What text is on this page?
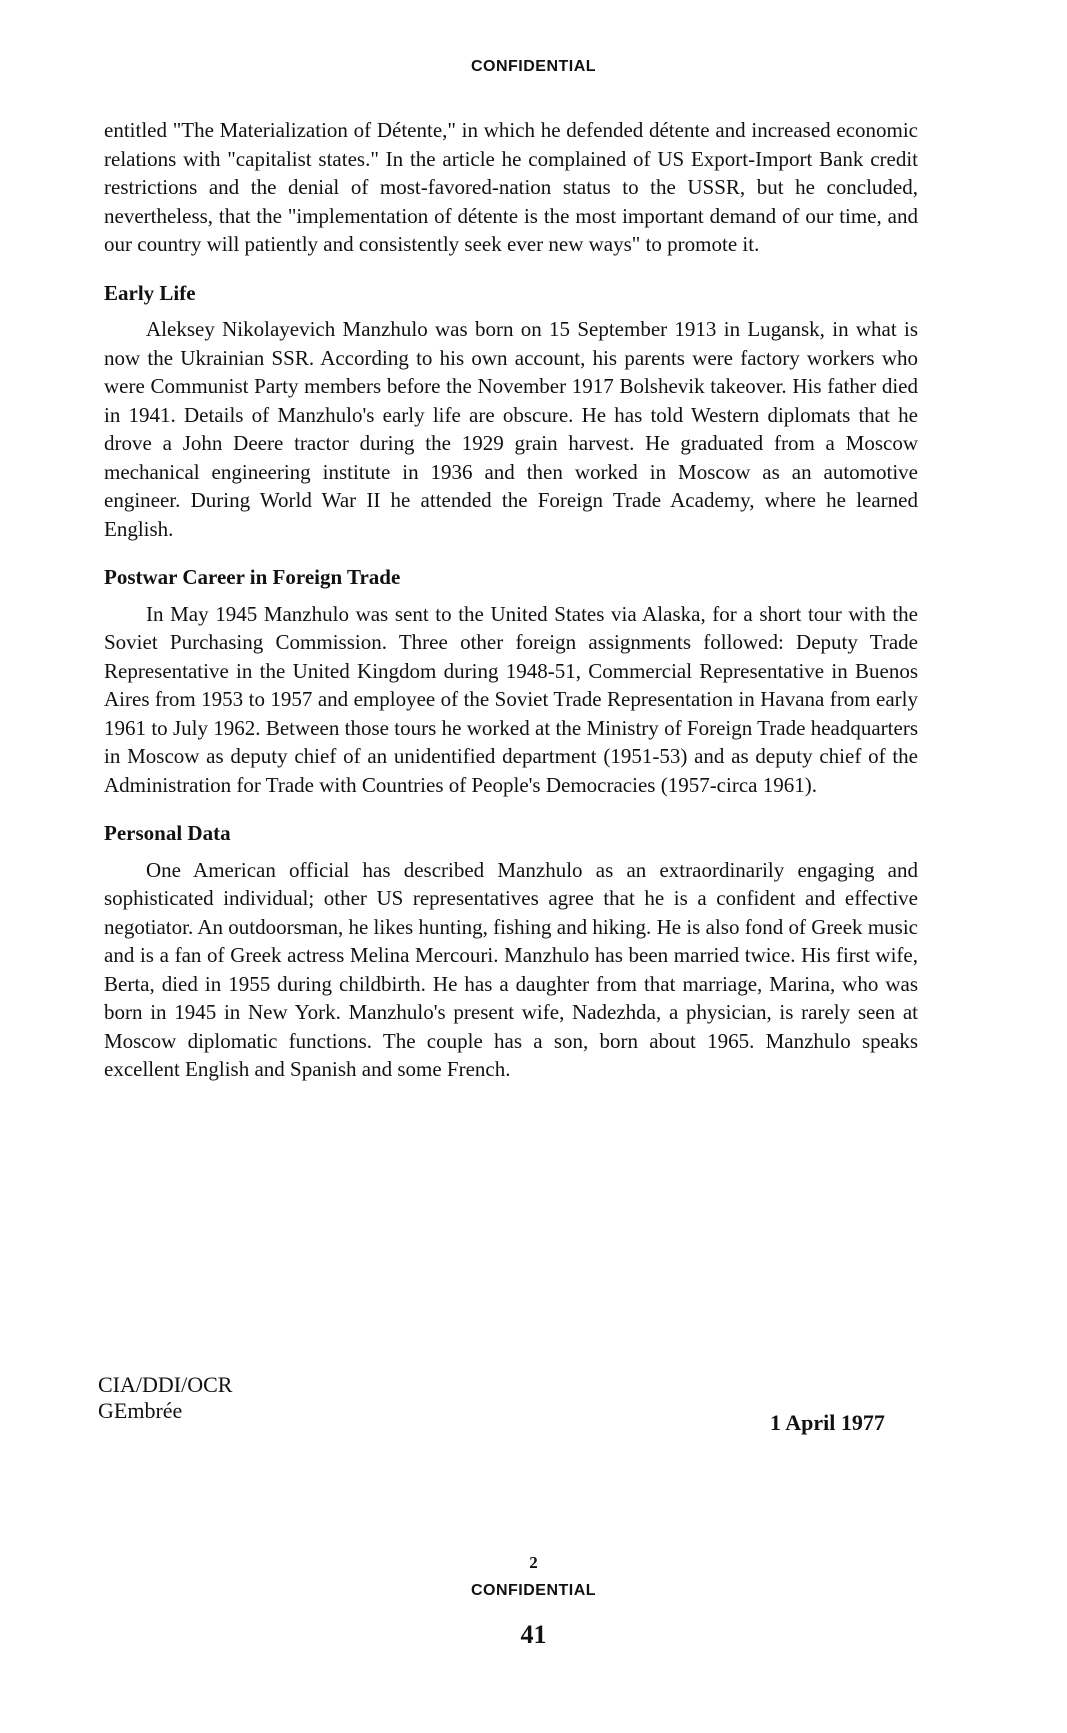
CONFIDENTIAL

entitled "The Materialization of Détente," in which he defended détente and increased economic relations with "capitalist states." In the article he complained of US Export-Import Bank credit restrictions and the denial of most-favored-nation status to the USSR, but he concluded, nevertheless, that the "implementation of détente is the most important demand of our time, and our country will patiently and consistently seek ever new ways" to promote it.

Early Life

Aleksey Nikolayevich Manzhulo was born on 15 September 1913 in Lugansk, in what is now the Ukrainian SSR. According to his own account, his parents were factory workers who were Communist Party members before the November 1917 Bolshevik takeover. His father died in 1941. Details of Manzhulo's early life are obscure. He has told Western diplomats that he drove a John Deere tractor during the 1929 grain harvest. He graduated from a Moscow mechanical engineering institute in 1936 and then worked in Moscow as an automotive engineer. During World War II he attended the Foreign Trade Academy, where he learned English.

Postwar Career in Foreign Trade

In May 1945 Manzhulo was sent to the United States via Alaska, for a short tour with the Soviet Purchasing Commission. Three other foreign assignments followed: Deputy Trade Representative in the United Kingdom during 1948-51, Commercial Representative in Buenos Aires from 1953 to 1957 and employee of the Soviet Trade Representation in Havana from early 1961 to July 1962. Between those tours he worked at the Ministry of Foreign Trade headquarters in Moscow as deputy chief of an unidentified department (1951-53) and as deputy chief of the Administration for Trade with Countries of People's Democracies (1957-circa 1961).

Personal Data

One American official has described Manzhulo as an extraordinarily engaging and sophisticated individual; other US representatives agree that he is a confident and effective negotiator. An outdoorsman, he likes hunting, fishing and hiking. He is also fond of Greek music and is a fan of Greek actress Melina Mercouri. Manzhulo has been married twice. His first wife, Berta, died in 1955 during childbirth. He has a daughter from that marriage, Marina, who was born in 1945 in New York. Manzhulo's present wife, Nadezhda, a physician, is rarely seen at Moscow diplomatic functions. The couple has a son, born about 1965. Manzhulo speaks excellent English and Spanish and some French.

CIA/DDI/OCR
GEmbrée	1 April 1977
2
CONFIDENTIAL
41
